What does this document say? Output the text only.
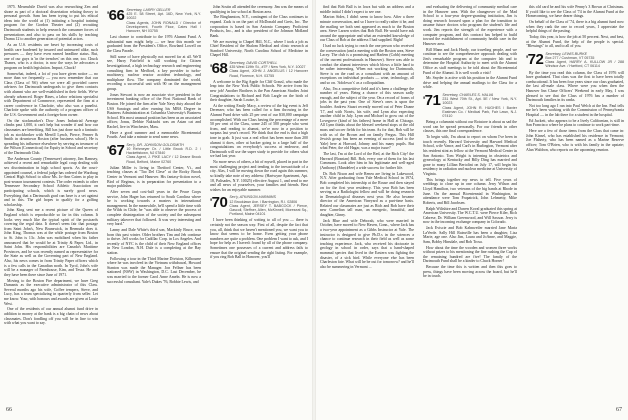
1975. Meanwhile David was also researching Zen and shone as part of a doctoral dissertation relating theory to personal growth. Sam has been trying to put his ethical ideas into the world at (1) initiating a hospital training program for the Gordon Theater and (2) recruiting Dartmouth students to help research the consumer forces of presentations and also to pass on his skills by teaching Drama 12 to another generation of potential actors.

As an U.S. residents are beset by increasing costs of health care burdened by insured and uninsured alike, such pressures — they have even earned headline status. But, one of our guys is 'in the trenches' on this one, too. Chuck Thanes, who is a doctor, is now the ways he advocates a program on health legislation. Impact, Chuck!

Somewhat, indeed, a lot of you have given notice — no more than we frequently — you now remember that our Class (Class of '66) when we were all provided career advisers for Dartmouth undergrads to give them contacts with alumni who are well-established in their fields. We've already advanced. Roger Rines, a labor relations specialist with Department of Commerce, represented the firm at a career conference in Charlotte, who also was a panelist. Charlotte spoke with the authority of a program officer of the U.S. Government and a foreign-born owner.

On the stockmarket's Dow Jones Industrial Average climbs past 1,000, it can't help but wonder if and how our classmates are benefiting. Bill has just done such a fantastic job as stockbroker with Merrill Lynch, Pierce, Fenner & Smith in downtown Boston (after business school). He is spreading his influence elsewhere by serving as treasurer of the Wilson (Connecticut) for Equity in School and secretary of the Dartmouth Club.

The Anderson County (Tennessee) attorney, Jim Ramsey, achieved a recent and remarkable legal coup dealing with sex discrimination in high school sports. As the court-appointed counsel, a federal judge has ordered the Wartburg Central High School to allow Ms. Jo-Ann Cairns to play in post-season tournament contests. The order extends to other Tennessee Secondary School Athletic Association on participating schools, which is surely good news. Everything that a Dartmouth grad can have is a set against and in this. The girl hopes to qualify for a golfing scholarship.

John King sent me a recent picture of the Queen of England which is reproducible so far in this column. It looks very much like the typical spirit of the postcards covering the regal data. It doesn't seem fair that postage from Saint John's, New Brunswick, in Bermuda does it. John King, Thomas was at the while postage from Boston to St. John is 13c. John was mobilized when his father announced that he would be at Trinity & Paper, Ltd., in Saint John. His responsibilities are Canada's Maritime Provinces, and he was recently named as representative for the State as well as the Governing part of New England. Also, his news comes in from Trinity Paper officers which is a few calls in the Canadian north. In Tyrol, John's wife will be a manager of Farmhouse, Kim, and Tessa. He and they have been there since June of 1971.

Moving to the Boston Fire department, we have Greg Dumanis as the executive administrator of this Class. Several months ago his wife, Coffee tempers, Steve, and Lucy, has a team specializing in quarterly from seller. Let me know. Your, with honours and awards are given at Louie West.

One of the residents of our annual alumni fund drive in addition to money at the bank is a big chain of news about classmates. Don's fondling off you will be in line to win with what you want to say.

'66 Secretary, LARRY GELLER
425 E. 58 Street, Apt. 16D, New York, N.Y. 10022
Class Agents, JOHN RONALD / Director of Development, Fourth Floor, Cates Hall / Hanover, NH 03755

Last chance to contribute to the 1976 Alumni Fund. A substantial sum might help — we hear this month we graduated from the President's Office, Rowland Lowell on the Class Parade.

Still some of have physically not moved far at all. We'll see, Harry Fairfield is still working for Citizen Investigational, a high technology research and engineering consulting firm in Medford, a key provider to turbo-machinery, nuclear reactor accident technology, and multiphase flow. The company dominated the world, recording a successful unit with 90 on the management group.

Jonas Stewart is now an associate vice president in the investment banking office of the First National Bank of Boston. He joined the firm after Yale Navy duty aboard the USS Saratoga and after earning his MBA Degree in Business Administration at Columbia University's Business School. His most unusual position has been as an associated officer, Jonas, Debbie Nakiuchi was an Asian cat and Rachel, live in Winchester, Mass.

Have a good summer and a memorable Bicentennial Fourth. And take a minute to send some news.

'67 Sec'y, DR. JOHNSON GOLDSMITH
10 Rehmeyer Dr. / Little Brook R.D. 2 / Hackettstown, NJ 07840
Class Agent, J. PIKE LACY / 12 Deane Brook Road, Belford, Maine 02760

Julian Miller is living in Thetford Center, Vt., and teaching classes at "Tao Del Clese" at the Rocky Brook Center in Vermont and Hanover. His fantasy-fiction novel, Bird of Reginus, is in preparation for presentation to a major publisher.

After seven and cost-half years in the Peace Corps service, John Hager has returned to South Carolina where he is working towards a masters in international management. In the meanwhile, he'll spend a little time with the Wilds in Chile; he "was able to observe the process of complete disintegration of the society and the subsequent military takeover that followed. It was very interesting and very hard."

Lanny and Dale White's third son, Mackinly Bruce, was born this past winter. Older brothers Tim and Jeb continue to thrive. Jeff works for Cadillac Corp. in Los Angeles. And recently of NYC is the child of their New England offices in New London, N.H. Dale is a completing at the Bay station.

Following a tour in the Third Marine Division, Kilbourne where he was involved in the Vietnam withdrawal, Howard Stanton was made the Manager. Jon Fellner has been stationed (NSW) in Washington, D.C. Last December, he was married to the former Carol Anne Ameln. He is now a successful consultant. Yale's Dukes '76, Bobbie Lewis, and

John Sostin all attended the ceremony. Jim was the means of qualifying in law school at Boston area.

The Binghamton, N.Y., contingent of the Class continues to expand. Zack is on the part of McDonald and Greis, Inc. The corporation is based in San Antonio Company Proficient Products, Inc., and is also president of the Johnson Midland Bank.

We are moving to Chapel Hill, N.C., where I took a job as Chief Resident of the Shalom Medical and clinic research at Stanford University, North Carolina School of Medicine in Chapel Hill.

'68 Secretary, DAVID CORTHELL
435 West 119th St., #7F / New York, N.Y. 10027
Class Agent, JOHN J. ANGELUS / 12 Hanover Road, Florence, N.H. 03755

A welcome to the Big Apple for Cliff Grassl, who made the leap into the New York Public Schools. We arrive from his new job! Another Brothers is the Pan American Studies Joint Congratulations to Richard and Bob Largle on the birth of their daughter, Sarah Louise, Jr.

At the writing Emily Macy, a review of the big event is Jeff Derenzer, who has been called for a firm throwing in the Alumni Fund drive with 25 per cent of our $30,000 campaign accomplished. With our Class having the percentage of a mere 50 per cent of the Class, some 245 of 500 people who went from, and reading to alumni, we're now in a position to surpass last year's record. We think that the end is that a high tone in grab. It just was a real effort has been more than 200 alumni it does, other at backer going to a large half of the congratulations on everybody's success at endeavor, and Dartmouth will use the super study to provide for others what we had last year.

No more news of others, a bit of myself, placed in part in the most challenging project and tending to the inexactitude of a city. Alas, I will be moving down the road again this summer, so kindly take note of my address: (Hartwyne Apartment, Apt. 18, Palisades, N.Y. 10025) effective August 1, and send to me and all news of yourselves, your families and friends. Best wishes for an enjoyable summer.

'70 Sec'y, ATKINSON-HARMIMS
12 Brooklawn Ave. / Barrington, R.I. 02806
Class Agent, JERSEY T. BABCOCK / Pierce, Gascoll, Steffner, Allen, McKinnell, Moreseat Sq., Portland, Maine 04101

I have been thinking of writing to all of you — there is certainly not the season way. First of all, despite the fact that you, all, think that we haven't mentioned you, we want you to know that seems to be home. Even getting your phone numbers are quite a problem. One problem I want to ask, and I hope for help as I haven't found by all of the phone company. Sometimes one possesses of a current and address fails to ensure that the original sending the right listing. For example, if you ring Bob Ball in Hanover, you'll

66

find that Bob Ball is in lowa but with an address and a middle initial I didn't expect to see one.

Marion Sides, I didn't seem to know how. After a three minute conversation, and so I have to really rather it be, and the mailing we both sent appeared as much to the Boston area. Steve Larsen writes that Bob Ball. He would have ask around the appropriate and what an extended knowledge of our Class of Bob at the address I had supplied. Right!

I had no luck trying to reach the one person who received the conversation (and a meeting with the Boston area, Steve Lacey. The club is a promising and Harlem (Cobb) meeting of the current professionals in Hanover). Steve was able to conduct the alumni interviews which blows a little hard to be rather interesting. When not working for Dartmouth, Steve is on the road as a consultant with an amount of exceptions on individual products — wine, technology, all and so on. 'Adolesco's' as a colloquialism.

Also, I'm a competitive field and it's been a challenge the number of years. Being a chance of this season sadly enough, and the subject of the year. On a record of forms of jobs in the past year. One of Steve's ones is upon the boulder. Andrew Stuart recently moved out of Peter Doane '17, and with Norris, his wife, and Lynn also expecting another child in July. Lynn and Michael to grow out of the Lovegrove (kind of his fathers) home in Hall at Chicago. All Lynn thinks about the blessed weekend stops at the old mass and soccer fields for his team. As for that, Bob will be with us of the Brown and on family Fergus. This Hill Jewish group has been an evening of success (and to the Yale) here at Harvard, Johnny and his many pupils. But what Peter, the old Hagar, was a major issue?

The last, I'm at the Lord of the Red, at the Rich City! the Harvard (Bosnian) Bill. Bob, every one of them for his last Commons. Look after him in his legitimate and well-aged (Anthony) (Mandelee) a wide success for further life.

Dr. Bob Nixon and wife Renea are living in Lakewood, N.Y. After graduating from Yale Medical School in 1974, Bob completed his internship at the Rouse and then stayed on for the first year residency. This year Bob has been serving as a Radiologist fellow and will be doing research in Dermatological diseases next year. He also became director of the American Vineyard as a part-time basis. Related our classmates are just as Rich and Bob have their new Carnelian tall man, an energetic, beautiful, and daughter, Ginny.

Jack Blue and wife Deborah, who were married in October, have moved to New Haven, Conn., where Jack has a two-year appointment as a Gibbs Instructor at Yale. The instructor is designed to give Ph.D.s in the sciences a chance to continue research in their field as well as some teaching experience. Jack, who received his doctorate in geology in school in order, says that a hand-shaped mammal species that lived in the Eastern was fighting the disaster, of a sick bird. While everyone else has been Charleston fate. What will he be out for tomorrow? and he'll also be summering in Vermont ...

and evaluating the delivering of community medical care in the Hanover area. With the changeover of the Mad School to a four-year degree-granting institution, Jim is doing research focused upon a plan for the transition to assume future doctors who program the student's life and work. Jim reports the strength of the experience with a computer program, and this contract has helped to build toward the establishment of community health care in the Hanover area.

Bill Mann and Jack Hardy, our traveling people, and we continue to see the comprehensive approach dealing with Jim's remarkable program at the computer lab and to determine the Hospital Authority to meet with the Alumni Office as staff meetings to be told about the Bicentennial Fund of the Alumni. It is well worth a visit!

Mr. Snyder is active with his position in the Alumni Fund drive and helping the annual mailings to the Class for a while.

'71 Secretary, CHARLES S. HALVA
231 West 70th St., Apt. 5E / New York, N.Y. 10023
Class Agent, JOHN R. HUGHES / Baxter Eastman Co. / Medical Park, Fair Lawn, N.J. 07410

Being a columnist without our Rotatore is about as sad the word can be spread personally. For our friends in other classes, this one final correspondence.

To begin with, I'm about to report on whom I've been in touch recently. Harvard University and Harvard Medical School, wife Vance, and Carl's in Burlington, Vermont after his resident stint as fellow at the Vermont Medical Center in San Antonio. Tom Wright is interning in obstetrics and gynecology at Kentucky and Billy Ding has married and gone to many Lillian Bertolini on July 17, will begin his residency in radiation and nuclear medicine at University of Virginia.

This brings together my news to tell. Five years of weddings to close up in one column. Jerry Wilson and Lloyd Hamilton, two veterans of the big bands at Rhode in June. On the annual Bicentennial in Washington, in attendance were Tom Frapatrick, John Lehmetty, Mike Roberts, and Bill Jacobsen.

Ralph Wiltshire and Darren Koval graduated this spring at American University. The W.C.T.U. were Pierce Kiler, Rich Cabrese, Dr. William Greenwood, and Will Saxson. Jerry is now in the incoming exchange company in Colorado.

Jack Eviscie and Bob Kahnweiler married Jane Maria LaVerde. Sally Hill Rainville has been a daughter, Lisa Marie, age one. Also Jim, Laura and JoAnne, and Maggie, Sam, Bobby Hinsdale, and Bob Trosa.

How about the time the wooden and women three works without prizes to his mentioning the fine rushing the Cup of the remaining hundred are five! The family of the Dartmouth Fund shall be a kinder to Chuck Horner!

Because the time this is written and then this goes to press, things have been moving across the board, but he'll be in touch.

this old card he and his wife Penny's 3 Brown at Christmas. If you'd like to see the Class of '74 in the Alumni Fund at the Homecoming, we have dearer things.

On behalf of the Class of '74, there is a big alumni fund now when they rank the one to record years, I appreciate the helpful things of the pasting.

Today, this year, is how the job at 50 percent. Next, and best, at the Alumni Fund, the help of the people is special. "Blessings" to all, and to all of you.

'72 Secretary, LEWIS BURKE
Box 277 / Cushman, VT 05735
Class Agent, HARRY A. KULLOW JR / 288 Windsor Ave. / Hartford, CT 06114

By the time you read this column, the Class of 1976 will have graduated. That class was the first to have been totally coeducational. It has been four years since our class graduated, the last all-male class. Where were you when then the Hanover Inn Chase Officers' Weekend in early May, I was pleased to see that the Class of 1976 has a number of Dartmouth families in its ranks.

Not too long ago I ran into Paul Welch at the Inn. Paul tells me he's been working with the Commission of Pennsylvania Hospital — in the lab there for a student in the hospital.

Ed Juckett, who appears to be a lively Californian, is still in San Francisco where he plans to continue to work part-time.

Here are a few of those items from the Class that came in: John Kinsel, who has established his residence in Vermont; Joe Flaherty, who has been named as a Marine Reserve officer; Tom O'Brien, who is with his family in the upstate; Alan Waldron, who reports on the upcoming reunion.

67
